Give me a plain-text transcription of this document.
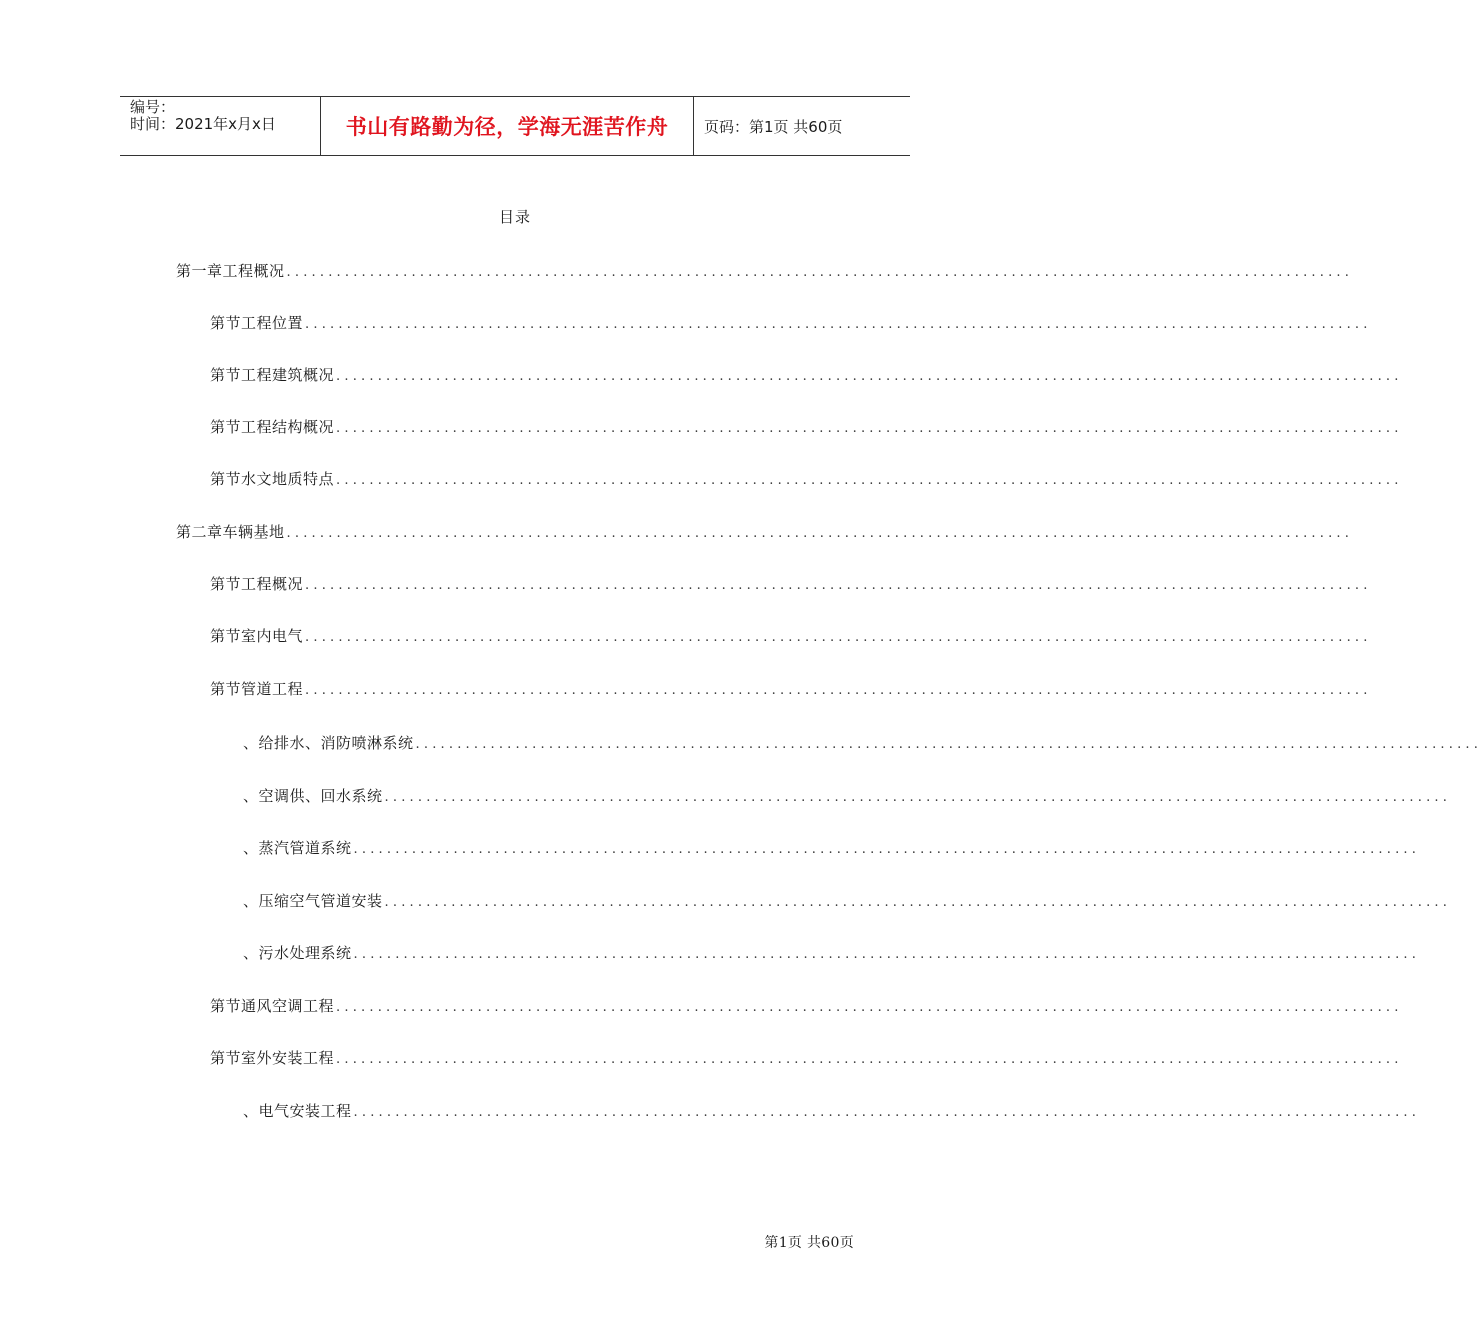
编号：
时间：2021年x月x日	书山有路勤为径，学海无涯苦作舟 页码：第1页 共60页
目录
第一章 工程概况 ................................................................................................................................
第节 工程位置 ................................................................................................................................
第节 工程建筑概况 ................................................................................................................................
第节 工程结构概况 ................................................................................................................................
第节 水文地质特点 ................................................................................................................................
第二章 车辆基地 ................................................................................................................................
第节 工程概况 ................................................................................................................................
第节 室内电气 ................................................................................................................................
第节 管道工程 ................................................................................................................................
、 给排水、消防喷淋系统 ................................................................................................................................
、 空调供、回水系统 ................................................................................................................................
、 蒸汽管道系统 ................................................................................................................................
、 压缩空气管道安装 ................................................................................................................................
、 污水处理系统 ................................................................................................................................
第节 通风空调工程 ................................................................................................................................
第节 室外安装工程 ................................................................................................................................
、 电气安装工程 ................................................................................................................................
第1页 共60页
